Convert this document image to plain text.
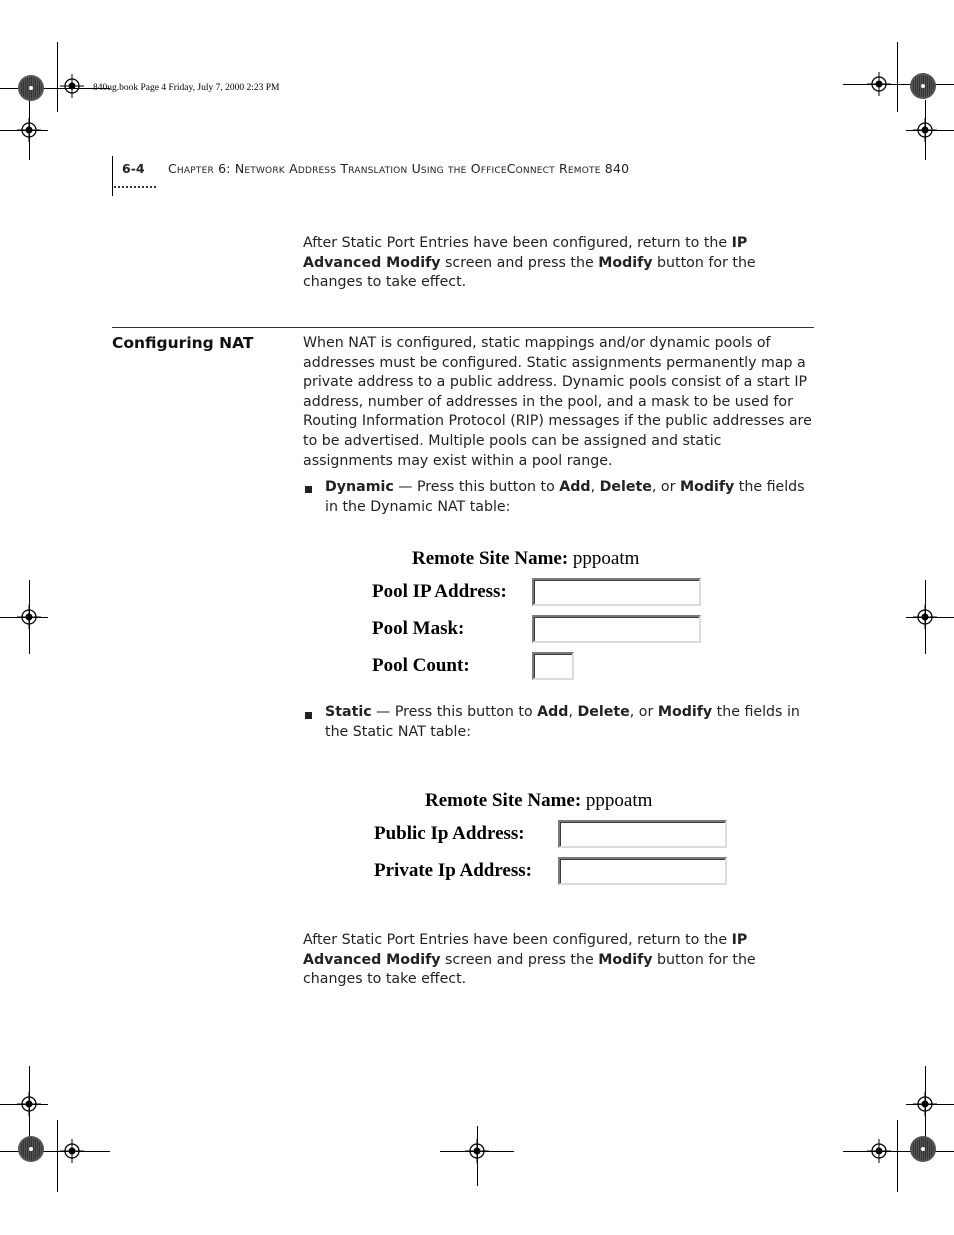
840ug.book Page 4 Friday, July 7, 2000 2:23 PM
6-4 Chapter 6: Network Address Translation Using the OfficeConnect Remote 840
After Static Port Entries have been configured, return to the IP Advanced Modify screen and press the Modify button for the changes to take effect.
Configuring NAT	When NAT is configured, static mappings and/or dynamic pools of addresses must be configured. Static assignments permanently map a private address to a public address. Dynamic pools consist of a start IP address, number of addresses in the pool, and a mask to be used for Routing Information Protocol (RIP) messages if the public addresses are to be advertised. Multiple pools can be assigned and static assignments may exist within a pool range.
Dynamic — Press this button to Add, Delete, or Modify the fields in the Dynamic NAT table:
Remote Site Name: pppoatm
Pool IP Address:
Pool Mask:
Pool Count:
Static — Press this button to Add, Delete, or Modify the fields in the Static NAT table:
Remote Site Name: pppoatm
Public Ip Address:
Private Ip Address:
After Static Port Entries have been configured, return to the IP Advanced Modify screen and press the Modify button for the changes to take effect.
